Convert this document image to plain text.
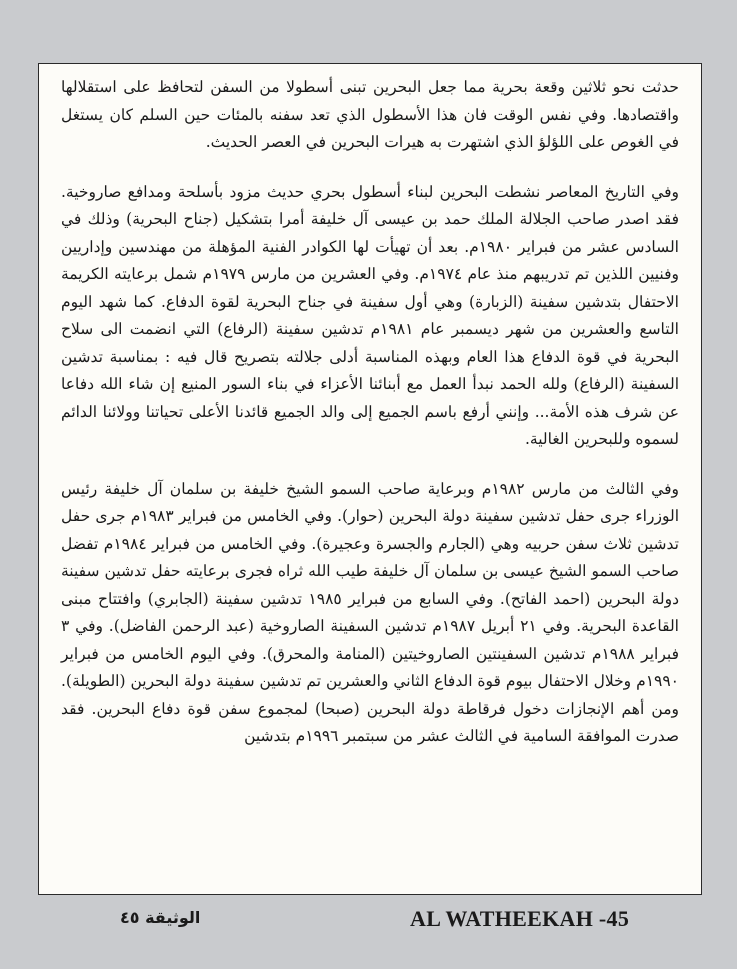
حدثت نحو ثلاثين وقعة بحرية مما جعل البحرين تبنى أسطولا من السفن لتحافظ على استقلالها واقتصادها. وفي نفس الوقت فان هذا الأسطول الذي تعد سفنه بالمئات حين السلم كان يستغل في الغوص على اللؤلؤ الذي اشتهرت به هيرات البحرين في العصر الحديث.

وفي التاريخ المعاصر نشطت البحرين لبناء أسطول بحري حديث مزود بأسلحة ومدافع صاروخية. فقد اصدر صاحب الجلالة الملك حمد بن عيسى آل خليفة أمرا بتشكيل (جناح البحرية) وذلك في السادس عشر من فبراير ١٩٨٠م. بعد أن تهيأت لها الكوادر الفنية المؤهلة من مهندسين وإداريين وفنيين اللذين تم تدريبهم منذ عام ١٩٧٤م. وفي العشرين من مارس ١٩٧٩م شمل برعايته الكريمة الاحتفال بتدشين سفينة (الزبارة) وهي أول سفينة في جناح البحرية لقوة الدفاع. كما شهد اليوم التاسع والعشرين من شهر ديسمبر عام ١٩٨١م تدشين سفينة (الرفاع) التي انضمت الى سلاح البحرية في قوة الدفاع هذا العام وبهذه المناسبة أدلى جلالته بتصريح قال فيه : بمناسبة تدشين السفينة (الرفاع) ولله الحمد نبدأ العمل مع أبنائنا الأعزاء في بناء السور المنيع إن شاء الله دفاعا عن شرف هذه الأمة... وإنني أرفع باسم الجميع إلى والد الجميع قائدنا الأعلى تحياتنا وولائنا الدائم لسموه وللبحرين الغالية.

وفي الثالث من مارس ١٩٨٢م وبرعاية صاحب السمو الشيخ خليفة بن سلمان آل خليفة رئيس الوزراء جرى حفل تدشين سفينة دولة البحرين (حوار). وفي الخامس من فبراير ١٩٨٣م جرى حفل تدشين ثلاث سفن حربيه وهي (الجارم والجسرة وعجيرة). وفي الخامس من فبراير ١٩٨٤م تفضل صاحب السمو الشيخ عيسى بن سلمان آل خليفة طيب الله ثراه فجرى برعايته حفل تدشين سفينة دولة البحرين (احمد الفاتح). وفي السابع من فبراير ١٩٨٥ تدشين سفينة (الجابري) وافتتاح مبنى القاعدة البحرية. وفي ٢١ أبريل ١٩٨٧م تدشين السفينة الصاروخية (عبد الرحمن الفاضل). وفي ٣ فبراير ١٩٨٨م تدشين السفينتين الصاروخيتين (المنامة والمحرق). وفي اليوم الخامس من فبراير ١٩٩٠م وخلال الاحتفال بيوم قوة الدفاع الثاني والعشرين تم تدشين سفينة دولة البحرين (الطويلة). ومن أهم الإنجازات دخول فرقاطة دولة البحرين (صبحا) لمجموع سفن قوة دفاع البحرين. فقد صدرت الموافقة السامية في الثالث عشر من سبتمبر ١٩٩٦م بتدشين

الوثيقة ٤٥	AL WATHEEKAH -45
